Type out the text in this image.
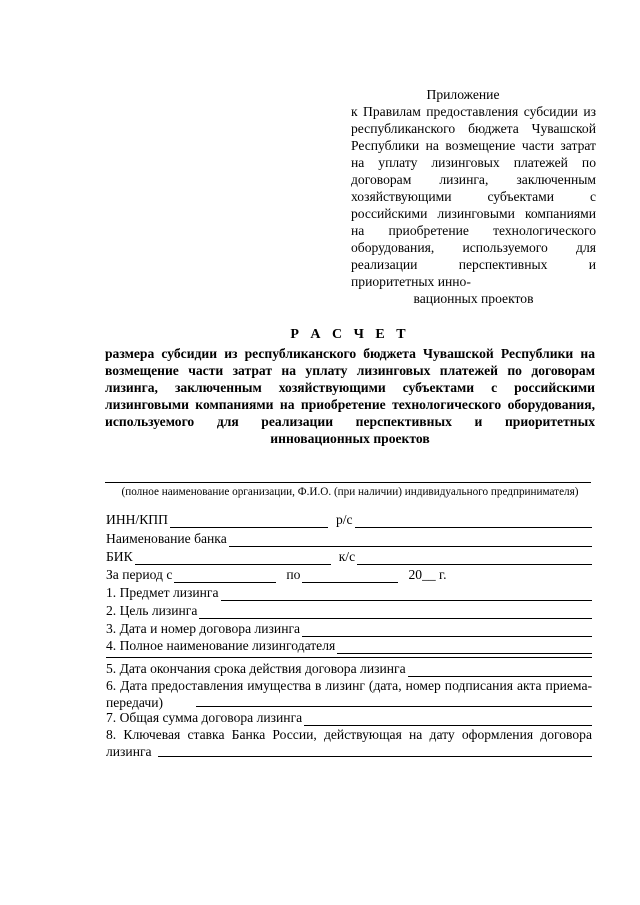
Приложение
к Правилам предоставления субсидии из республиканского бюджета Чувашской Республики на возмещение части затрат на уплату лизинговых платежей по договорам лизинга, заключенным хозяйствующими субъектами с российскими лизинговыми компаниями на приобретение технологического оборудования, используемого для реализации перспективных и приоритетных инно-
вационных проектов
Р А С Ч Е Т
размера субсидии из республиканского бюджета Чувашской Республики на возмещение части затрат на уплату лизинговых платежей по договорам лизинга, заключенным хозяйствующими субъектами с российскими лизинговыми компаниями на приобретение технологического оборудования, используемого для реализации перспективных и приоритетных инновационных проектов
(полное наименование организации, Ф.И.О. (при наличии) индивидуального предпринимателя)
ИНН/КПП	р/с
Наименование банка
БИК	к/с
За период с	по	20__ г.
1. Предмет лизинга
2. Цель лизинга
3. Дата и номер договора лизинга
4. Полное наименование лизингодателя
5. Дата окончания срока действия договора лизинга
6. Дата предоставления имущества в лизинг (дата, номер подписания акта приема-передачи)
7. Общая сумма договора лизинга
8. Ключевая ставка Банка России, действующая на дату оформления договора лизинга
